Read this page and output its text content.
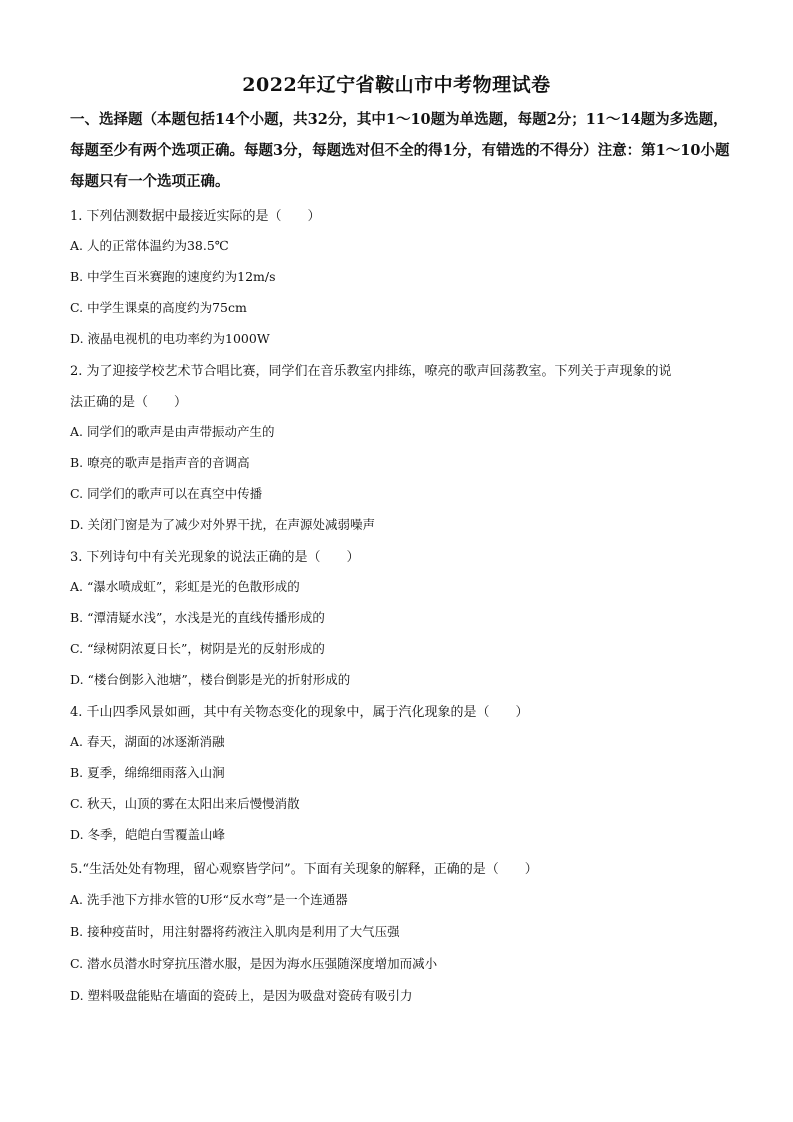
2022年辽宁省鞍山市中考物理试卷
一、选择题（本题包括14个小题，共32分，其中1～10题为单选题，每题2分；11～14题为多选题，每题至少有两个选项正确。每题3分，每题选对但不全的得1分，有错选的不得分）注意：第1～10小题每题只有一个选项正确。
1. 下列估测数据中最接近实际的是（　　）
A. 人的正常体温约为38.5℃
B. 中学生百米赛跑的速度约为12m/s
C. 中学生课桌的高度约为75cm
D. 液晶电视机的电功率约为1000W
2. 为了迎接学校艺术节合唱比赛，同学们在音乐教室内排练，嘹亮的歌声回荡教室。下列关于声现象的说
法正确的是（　　）
A. 同学们的歌声是由声带振动产生的
B. 嘹亮的歌声是指声音的音调高
C. 同学们的歌声可以在真空中传播
D. 关闭门窗是为了减少对外界干扰，在声源处减弱噪声
3. 下列诗句中有关光现象的说法正确的是（　　）
A. “瀑水喷成虹”，彩虹是光的色散形成的
B. “潭清疑水浅”，水浅是光的直线传播形成的
C. “绿树阴浓夏日长”，树阴是光的反射形成的
D. “楼台倒影入池塘”，楼台倒影是光的折射形成的
4. 千山四季风景如画，其中有关物态变化的现象中，属于汽化现象的是（　　）
A. 春天，湖面的冰逐渐消融
B. 夏季，绵绵细雨落入山涧
C. 秋天，山顶的雾在太阳出来后慢慢消散
D. 冬季，皑皑白雪覆盖山峰
5.“生活处处有物理，留心观察皆学问”。下面有关现象的解释，正确的是（　　）
A. 洗手池下方排水管的U形“反水弯”是一个连通器
B. 接种疫苗时，用注射器将药液注入肌肉是利用了大气压强
C. 潜水员潜水时穿抗压潜水服，是因为海水压强随深度增加而减小
D. 塑料吸盘能贴在墙面的瓷砖上，是因为吸盘对瓷砖有吸引力
